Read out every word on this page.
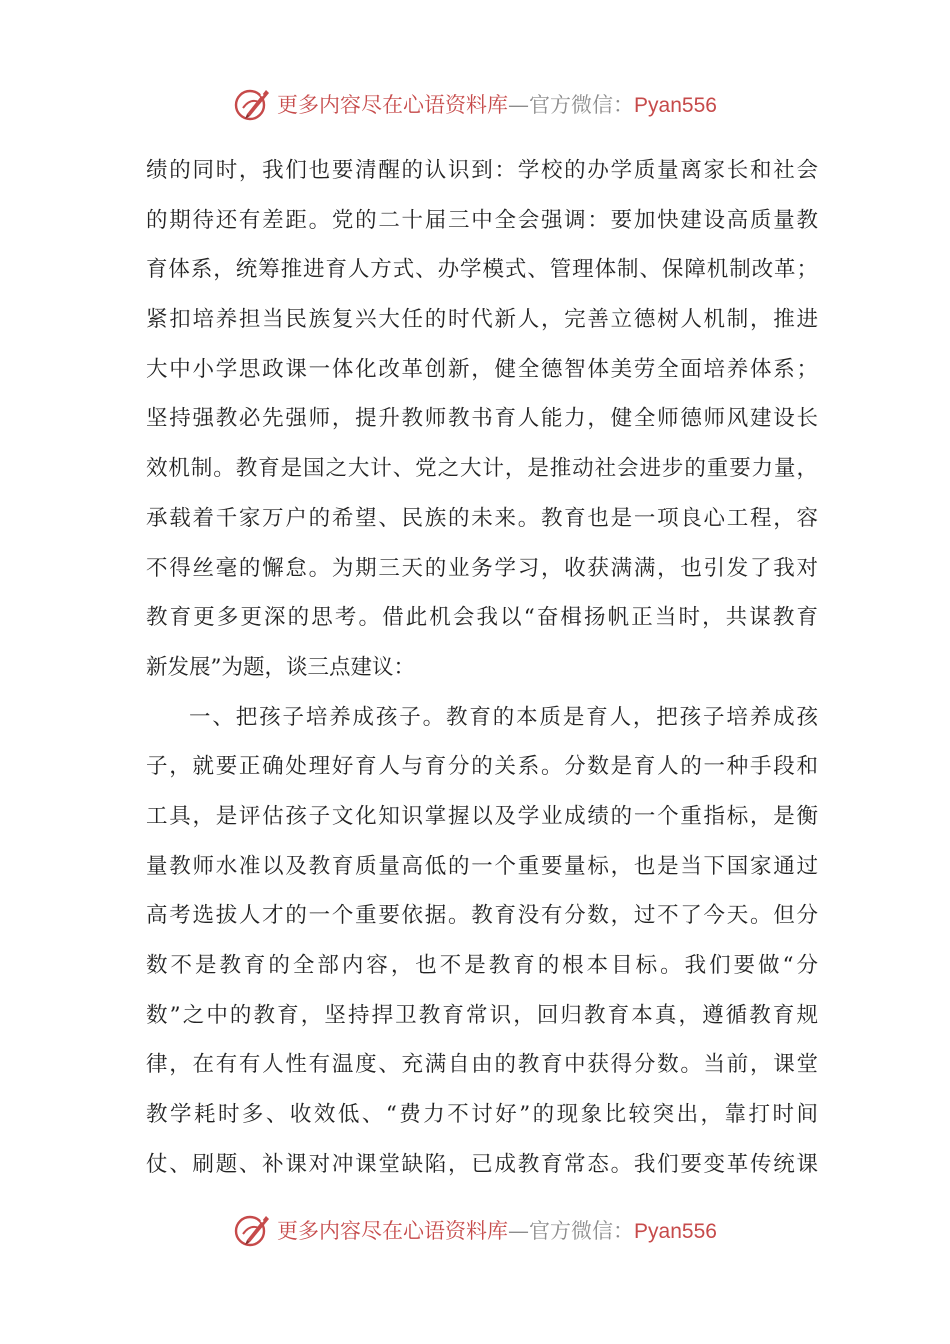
更多内容尽在心语资料库—官方微信：Pyan556
绩的同时，我们也要清醒的认识到：学校的办学质量离家长和社会
的期待还有差距。党的二十届三中全会强调：要加快建设高质量教
育体系，统筹推进育人方式、办学模式、管理体制、保障机制改革；
紧扣培养担当民族复兴大任的时代新人，完善立德树人机制，推进
大中小学思政课一体化改革创新，健全德智体美劳全面培养体系；
坚持强教必先强师，提升教师教书育人能力，健全师德师风建设长
效机制。教育是国之大计、党之大计，是推动社会进步的重要力量，
承载着千家万户的希望、民族的未来。教育也是一项良心工程，容
不得丝毫的懈怠。为期三天的业务学习，收获满满，也引发了我对
教育更多更深的思考。借此机会我以“奋楫扬帆正当时，共谋教育
新发展”为题，谈三点建议：
一、把孩子培养成孩子。教育的本质是育人，把孩子培养成孩
子，就要正确处理好育人与育分的关系。分数是育人的一种手段和
工具，是评估孩子文化知识掌握以及学业成绩的一个重指标，是衡
量教师水准以及教育质量高低的一个重要量标，也是当下国家通过
高考选拔人才的一个重要依据。教育没有分数，过不了今天。但分
数不是教育的全部内容，也不是教育的根本目标。我们要做“分
数”之中的教育，坚持捍卫教育常识，回归教育本真，遵循教育规
律，在有有人性有温度、充满自由的教育中获得分数。当前，课堂
教学耗时多、收效低、“费力不讨好”的现象比较突出，靠打时间
仗、刷题、补课对冲课堂缺陷，已成教育常态。我们要变革传统课
更多内容尽在心语资料库—官方微信：Pyan556
